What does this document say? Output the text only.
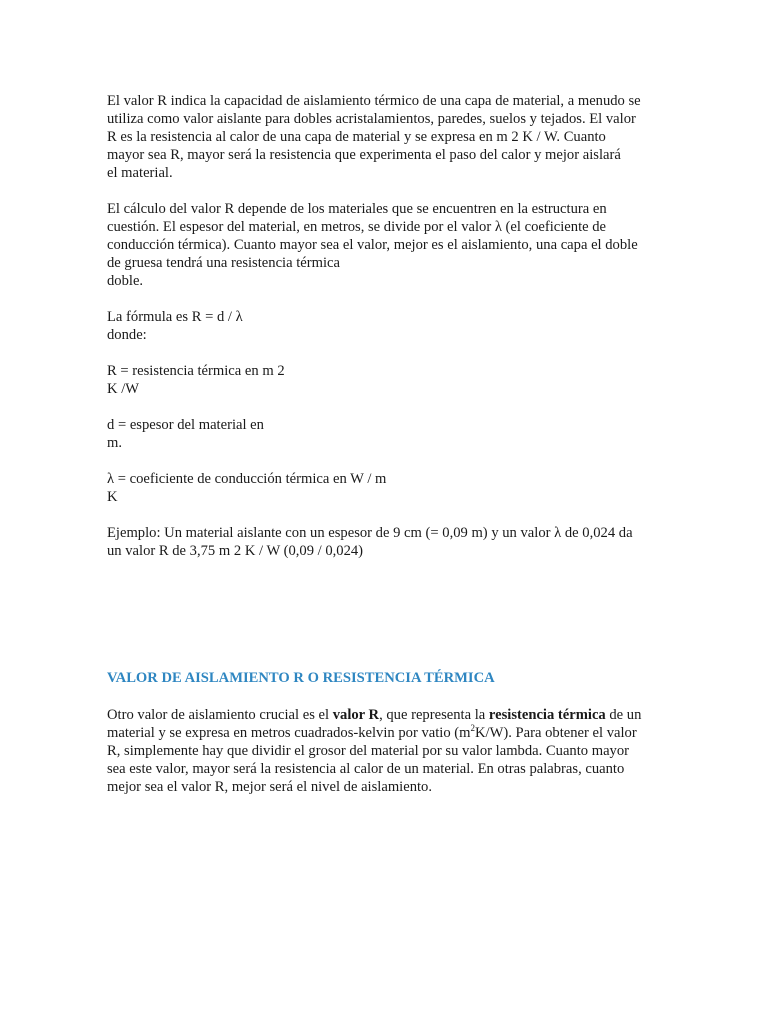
El valor R indica la capacidad de aislamiento térmico de una capa de material, a menudo se
utiliza como valor aislante para dobles acristalamientos, paredes, suelos y tejados. El valor
R es la resistencia al calor de una capa de material y se expresa en m 2 K / W. Cuanto
mayor sea R, mayor será la resistencia que experimenta el paso del calor y mejor aislará
el material.
El cálculo del valor R depende de los materiales que se encuentren en la estructura en
cuestión. El espesor del material, en metros, se divide por el valor λ (el coeficiente de
conducción térmica). Cuanto mayor sea el valor, mejor es el aislamiento, una capa el doble
de gruesa tendrá una resistencia térmica
doble.
La fórmula es R = d / λ
donde:
R = resistencia térmica en m 2
K /W
d = espesor del material en
m.
λ = coeficiente de conducción térmica en W / m
K
Ejemplo: Un material aislante con un espesor de 9 cm (= 0,09 m) y un valor λ de 0,024 da
un valor R de 3,75 m 2 K / W (0,09 / 0,024)
VALOR DE AISLAMIENTO R O RESISTENCIA TÉRMICA
Otro valor de aislamiento crucial es el valor R, que representa la resistencia térmica de un
material y se expresa en metros cuadrados-kelvin por vatio $(m^2K/W)$. Para obtener el valor
R, simplemente hay que dividir el grosor del material por su valor lambda. Cuanto mayor
sea este valor, mayor será la resistencia al calor de un material. En otras palabras, cuanto
mejor sea el valor R, mejor será el nivel de aislamiento.
